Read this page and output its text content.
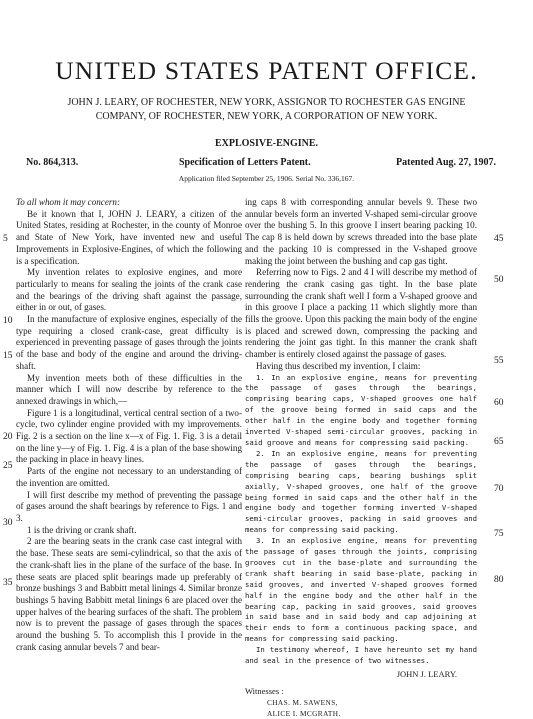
UNITED STATES PATENT OFFICE.
JOHN J. LEARY, OF ROCHESTER, NEW YORK, ASSIGNOR TO ROCHESTER GAS ENGINE
COMPANY, OF ROCHESTER, NEW YORK, A CORPORATION OF NEW YORK.
EXPLOSIVE-ENGINE.
No. 864,313.	Specification of Letters Patent.	Patented Aug. 27, 1907.
Application filed September 25, 1906. Serial No. 336,167.

To all whom it may concern:

Be it known that I, JOHN J. LEARY, a citizen of the United States, residing at Rochester, in the county of Monroe and State of New York, have invented new and useful Improvements in Explosive-Engines, of which the following is a specification.

My invention relates to explosive engines, and more particularly to means for sealing the joints of the crank case and the bearings of the driving shaft against the passage, either in or out, of gases.

In the manufacture of explosive engines, especially of the type requiring a closed crank-case, great difficulty is experienced in preventing passage of gases through the joints of the base and body of the engine and around the driving-shaft.

My invention meets both of these difficulties in the manner which I will now describe by reference to the annexed drawings in which,—

Figure 1 is a longitudinal, vertical central section of a two-cycle, two cylinder engine provided with my improvements. Fig. 2 is a section on the line x—x of Fig. 1. Fig. 3 is a detail on the line y—y of Fig. 1. Fig. 4 is a plan of the base showing the packing in place in heavy lines.

Parts of the engine not necessary to an understanding of the invention are omitted.

I will first describe my method of preventing the passage of gases around the shaft bearings by reference to Figs. 1 and 3.

1 is the driving or crank shaft.

2 are the bearing seats in the crank case cast integral with the base. These seats are semi-cylindrical, so that the axis of the crank-shaft lies in the plane of the surface of the base. In these seats are placed split bearings made up preferably of bronze bushings 3 and Babbitt metal linings 4. Similar bronze bushings 5 having Babbitt metal linings 6 are placed over the upper halves of the bearing surfaces of the shaft. The problem now is to prevent the passage of gases through the spaces around the bushing 5. To accomplish this I provide in the crank casing annular bevels 7 and bear-

ing caps 8 with corresponding annular bevels 9. These two annular bevels form an inverted V-shaped semi-circular groove over the bushing 5. In this groove I insert bearing packing 10. The cap 8 is held down by screws threaded into the base plate and the packing 10 is compressed in the V-shaped groove making the joint between the bushing and cap gas tight.

Referring now to Figs. 2 and 4 I will describe my method of rendering the crank casing gas tight. In the base plate surrounding the crank shaft well I form a V-shaped groove and in this groove I place a packing 11 which slightly more than fills the groove. Upon this packing the main body of the engine is placed and screwed down, compressing the packing and rendering the joint gas tight. In this manner the crank shaft chamber is entirely closed against the passage of gases.

Having thus described my invention, I claim:

1. In an explosive engine, means for preventing the passage of gases through the bearings, comprising bearing caps, V-shaped grooves one half of the groove being formed in said caps and the other half in the engine body and together forming inverted V-shaped semi-circular grooves, packing in said groove and means for compressing said packing.

2. In an explosive engine, means for preventing the passage of gases through the bearings, comprising bearing caps, bearing bushings split axially, V-shaped grooves, one half of the groove being formed in said caps and the other half in the engine body and together forming inverted V-shaped semi-circular grooves, packing in said grooves and means for compressing said packing.

3. In an explosive engine, means for preventing the passage of gases through the joints, comprising grooves cut in the base-plate and surrounding the crank shaft bearing in said base-plate, packing in said grooves, and inverted V-shaped grooves formed half in the engine body and the other half in the bearing cap, packing in said grooves, said grooves in said base and in said body and cap adjoining at their ends to form a continuous packing space, and means for compressing said packing.

In testimony whereof, I have hereunto set my hand and seal in the presence of two witnesses.

JOHN J. LEARY.
Witnesses :
CHAS. M. SAWENS,
ALICE I. MCGRATH.
5
10
15
20
25
30
35
45
50
55
60
65
70
75
80
